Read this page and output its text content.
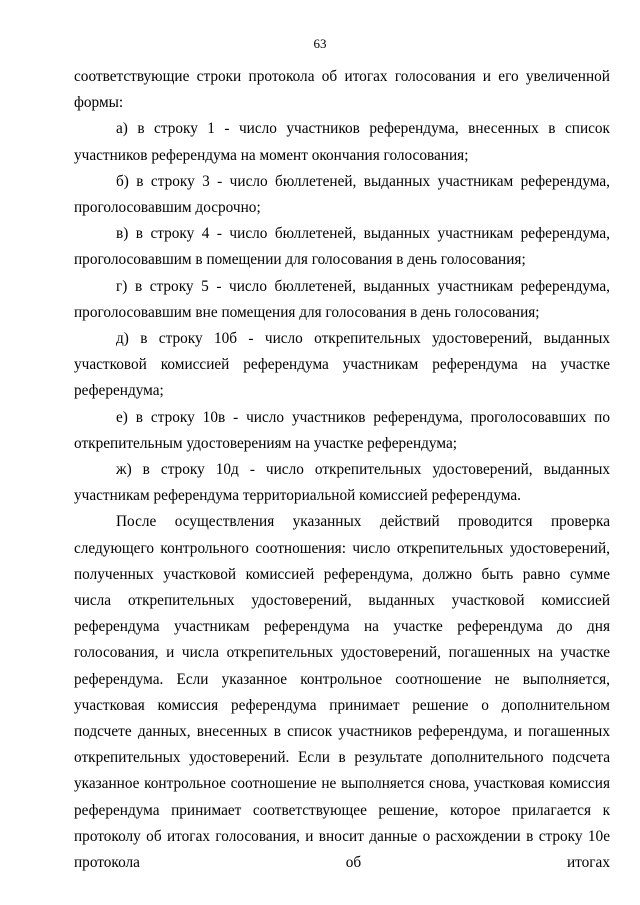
63

соответствующие строки протокола об итогах голосования и его увеличенной формы:

а) в строку 1 - число участников референдума, внесенных в список участников референдума на момент окончания голосования;

б) в строку 3 - число бюллетеней, выданных участникам референдума, проголосовавшим досрочно;

в) в строку 4 - число бюллетеней, выданных участникам референдума, проголосовавшим в помещении для голосования в день голосования;

г) в строку 5 - число бюллетеней, выданных участникам референдума, проголосовавшим вне помещения для голосования в день голосования;

д) в строку 10б - число открепительных удостоверений, выданных участковой комиссией референдума участникам референдума на участке референдума;

е) в строку 10в - число участников референдума, проголосовавших по открепительным удостоверениям на участке референдума;

ж) в строку 10д - число открепительных удостоверений, выданных участникам референдума территориальной комиссией референдума.

После осуществления указанных действий проводится проверка следующего контрольного соотношения: число открепительных удостоверений, полученных участковой комиссией референдума, должно быть равно сумме числа открепительных удостоверений, выданных участковой комиссией референдума участникам референдума на участке референдума до дня голосования, и числа открепительных удостоверений, погашенных на участке референдума. Если указанное контрольное соотношение не выполняется, участковая комиссия референдума принимает решение о дополнительном подсчете данных, внесенных в список участников референдума, и погашенных открепительных удостоверений. Если в результате дополнительного подсчета указанное контрольное соотношение не выполняется снова, участковая комиссия референдума принимает соответствующее решение, которое прилагается к протоколу об итогах голосования, и вносит данные о расхождении в строку 10е протокола об итогах
